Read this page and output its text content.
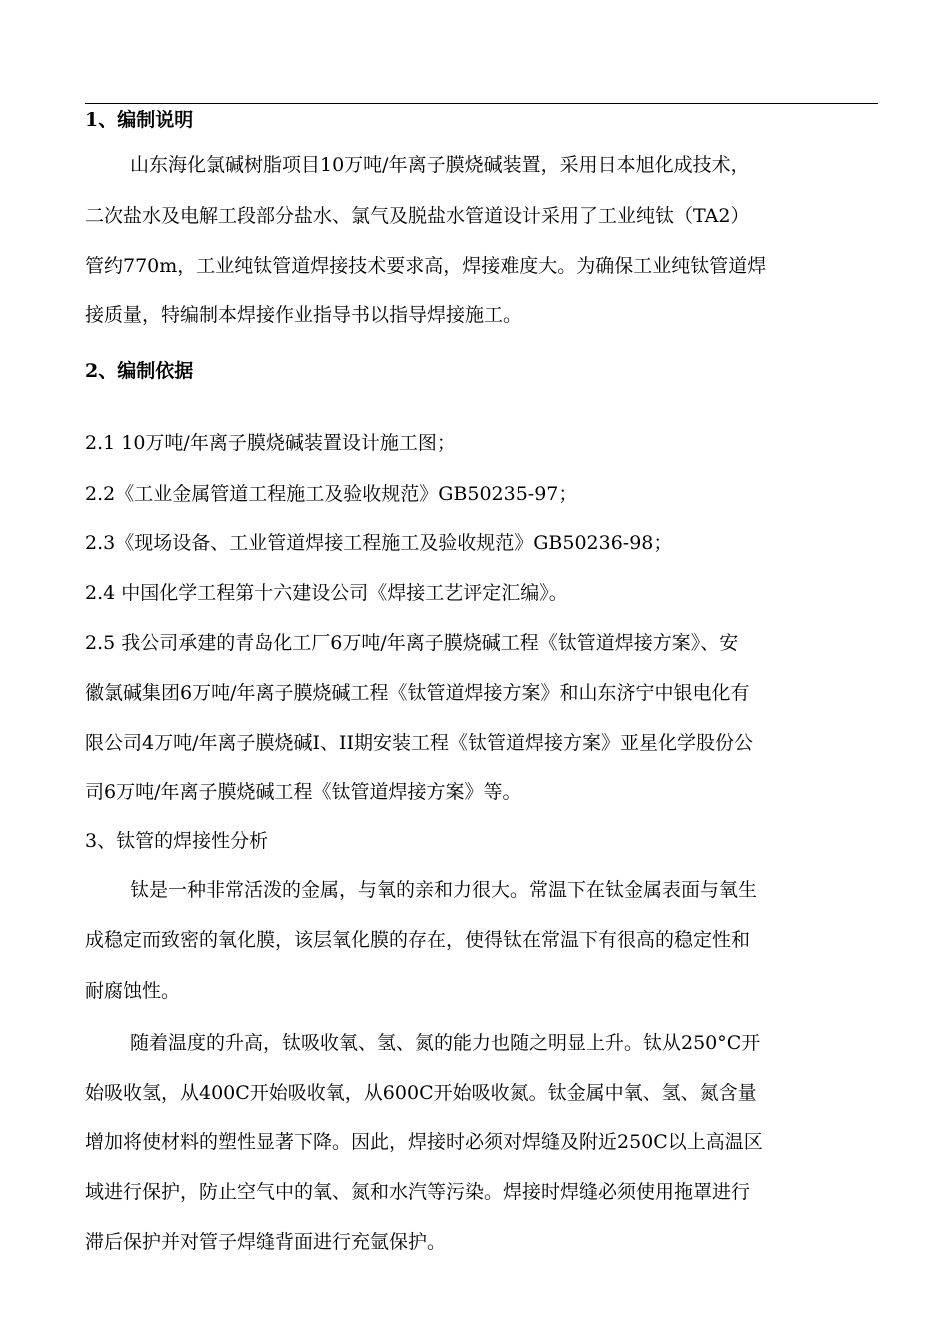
1、编制说明
山东海化氯碱树脂项目10万吨/年离子膜烧碱装置，采用日本旭化成技术，
二次盐水及电解工段部分盐水、氯气及脱盐水管道设计采用了工业纯钛（TA2）
管约770m，工业纯钛管道焊接技术要求高，焊接难度大。为确保工业纯钛管道焊
接质量，特编制本焊接作业指导书以指导焊接施工。
2、编制依据
2.1 10万吨/年离子膜烧碱装置设计施工图；
2.2《工业金属管道工程施工及验收规范》GB50235-97；
2.3《现场设备、工业管道焊接工程施工及验收规范》GB50236-98；
2.4 中国化学工程第十六建设公司《焊接工艺评定汇编》。
2.5 我公司承建的青岛化工厂6万吨/年离子膜烧碱工程《钛管道焊接方案》、安
徽氯碱集团6万吨/年离子膜烧碱工程《钛管道焊接方案》和山东济宁中银电化有
限公司4万吨/年离子膜烧碱I、II期安装工程《钛管道焊接方案》亚星化学股份公
司6万吨/年离子膜烧碱工程《钛管道焊接方案》等。
3、钛管的焊接性分析
钛是一种非常活泼的金属，与氧的亲和力很大。常温下在钛金属表面与氧生
成稳定而致密的氧化膜，该层氧化膜的存在，使得钛在常温下有很高的稳定性和
耐腐蚀性。
随着温度的升高，钛吸收氧、氢、氮的能力也随之明显上升。钛从250°C开
始吸收氢，从400C开始吸收氧，从600C开始吸收氮。钛金属中氧、氢、氮含量
增加将使材料的塑性显著下降。因此，焊接时必须对焊缝及附近250C以上高温区
域进行保护，防止空气中的氧、氮和水汽等污染。焊接时焊缝必须使用拖罩进行
滞后保护并对管子焊缝背面进行充氩保护。
